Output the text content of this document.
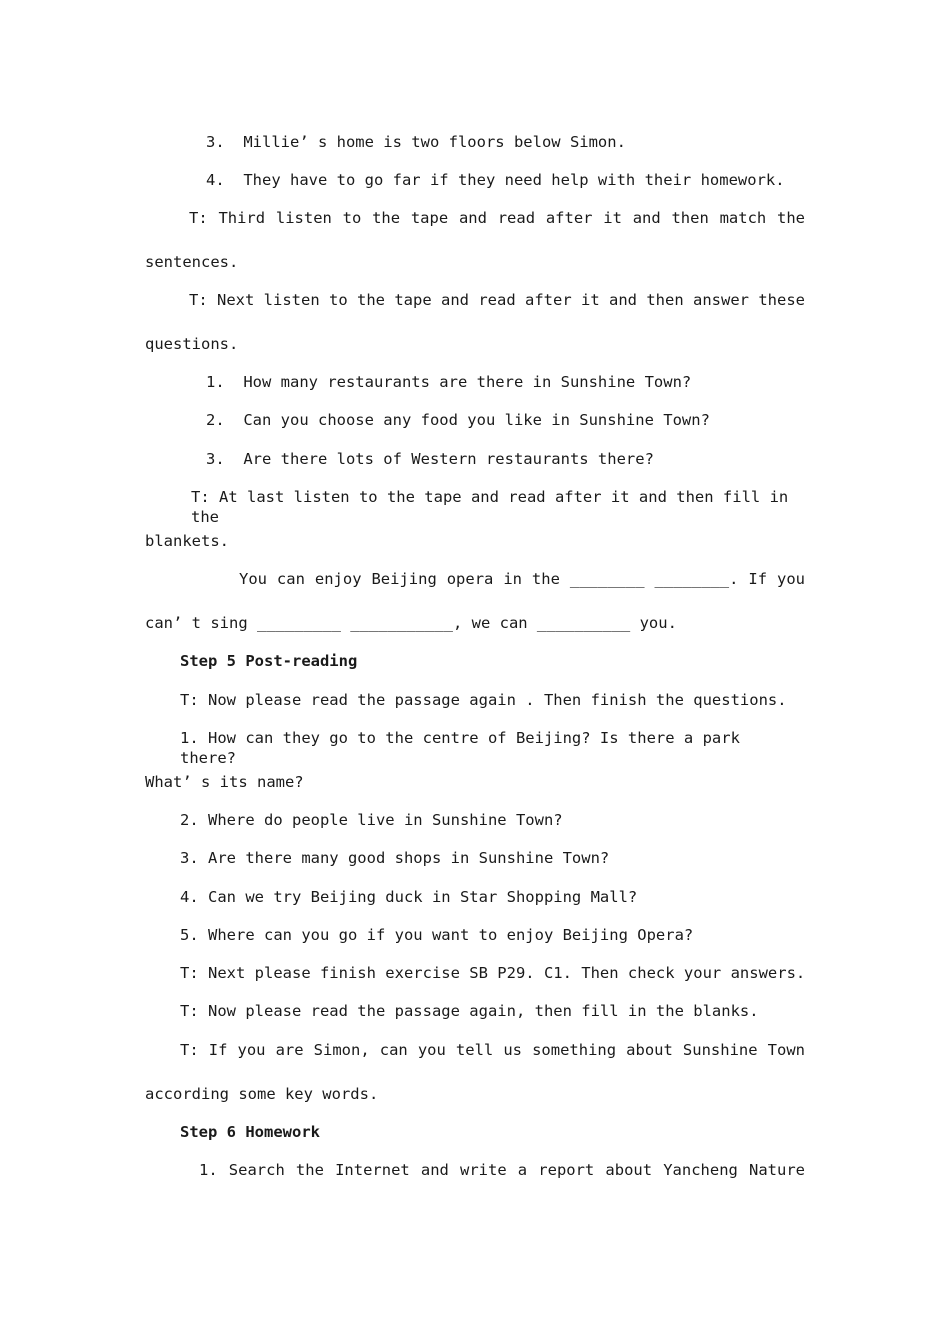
3.  Millie’ s home is two floors below Simon.
4.  They have to go far if they need help with their homework.
T: Third listen to the tape and read after it and then match the
sentences.
T: Next listen to the tape and read after it and then answer these
questions.
1.  How many restaurants are there in Sunshine Town?
2.  Can you choose any food you like in Sunshine Town?
3.  Are there lots of Western restaurants there?
T: At last listen to the tape and read after it and then fill in the
blankets.
You can enjoy Beijing opera in the ________ ________. If you
can’ t sing _________ ___________, we can __________ you.
Step 5 Post-reading
T: Now please read the passage again . Then finish the questions.
1. How can they go to the centre of Beijing? Is there a park there?
What’ s its name?
2. Where do people live in Sunshine Town?
3. Are there many good shops in Sunshine Town?
4. Can we try Beijing duck in Star Shopping Mall?
5. Where can you go if you want to enjoy Beijing Opera?
T: Next please finish exercise SB P29. C1. Then check your answers.
T: Now please read the passage again, then fill in the blanks.
T: If you are Simon, can you tell us something about Sunshine Town
according some key words.
Step 6 Homework
1. Search the Internet and write a report about Yancheng Nature
